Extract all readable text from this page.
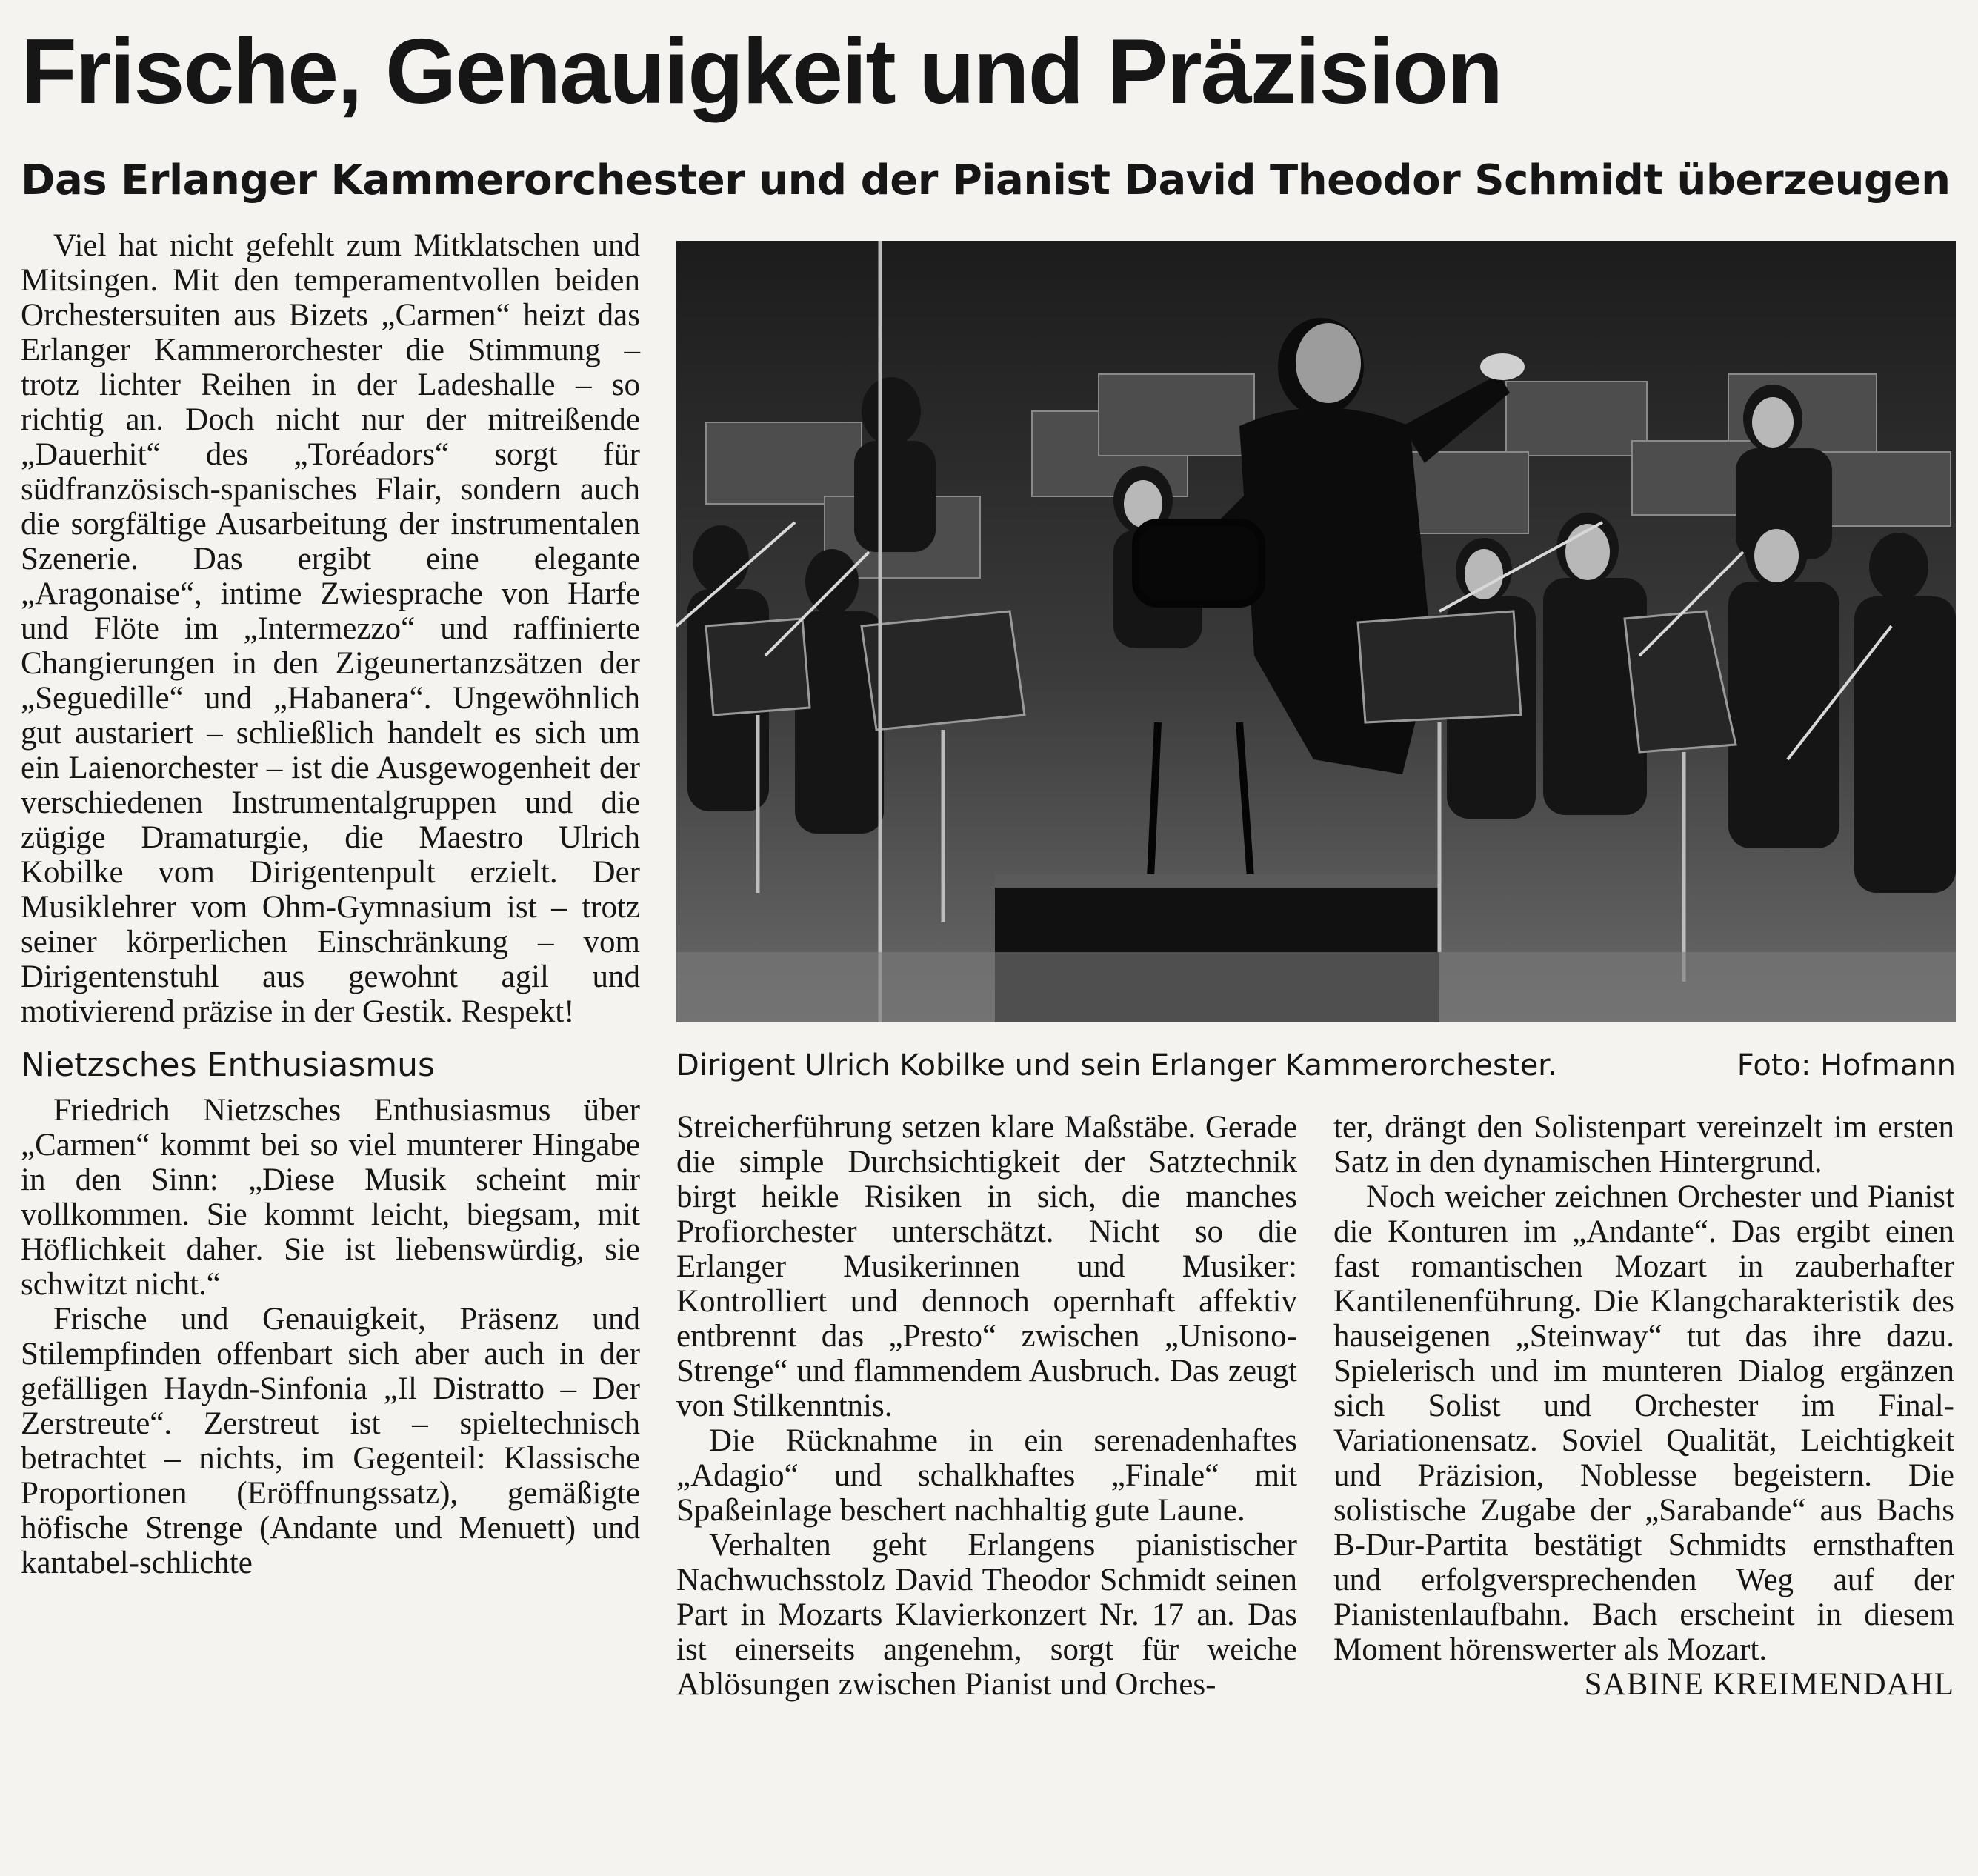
Frische, Genauigkeit und Präzision
Das Erlanger Kammerorchester und der Pianist David Theodor Schmidt überzeugen

Viel hat nicht gefehlt zum Mitklatschen und Mitsingen. Mit den temperamentvollen beiden Orchestersuiten aus Bizets „Carmen“ heizt das Erlanger Kammerorchester die Stimmung – trotz lichter Reihen in der Ladeshalle – so richtig an. Doch nicht nur der mitreißende „Dauerhit“ des „Toréadors“ sorgt für südfranzösisch-spanisches Flair, sondern auch die sorgfältige Ausarbeitung der instrumentalen Szenerie. Das ergibt eine elegante „Aragonaise“, intime Zwiesprache von Harfe und Flöte im „Intermezzo“ und raffinierte Changierungen in den Zigeunertanzsätzen der „Seguedille“ und „Habanera“. Ungewöhnlich gut austariert – schließlich handelt es sich um ein Laienorchester – ist die Ausgewogenheit der verschiedenen Instrumentalgruppen und die zügige Dramaturgie, die Maestro Ulrich Kobilke vom Dirigentenpult erzielt. Der Musiklehrer vom Ohm-Gymnasium ist – trotz seiner körperlichen Einschränkung – vom Dirigentenstuhl aus gewohnt agil und motivierend präzise in der Gestik. Respekt!

Nietzsches Enthusiasmus

Friedrich Nietzsches Enthusiasmus über „Carmen“ kommt bei so viel munterer Hingabe in den Sinn: „Diese Musik scheint mir vollkommen. Sie kommt leicht, biegsam, mit Höflichkeit daher. Sie ist liebenswürdig, sie schwitzt nicht.“

Frische und Genauigkeit, Präsenz und Stilempfinden offenbart sich aber auch in der gefälligen Haydn-Sinfonia „Il Distratto – Der Zerstreute“. Zerstreut ist – spieltechnisch betrachtet – nichts, im Gegenteil: Klassische Proportionen (Eröffnungssatz), gemäßigte höfische Strenge (Andante und Menuett) und kantabel-schlichte

Dirigent Ulrich Kobilke und sein Erlanger Kammerorchester.	Foto: Hofmann

Streicherführung setzen klare Maßstäbe. Gerade die simple Durchsichtigkeit der Satztechnik birgt heikle Risiken in sich, die manches Profiorchester unterschätzt. Nicht so die Erlanger Musikerinnen und Musiker: Kontrolliert und dennoch opernhaft affektiv entbrennt das „Presto“ zwischen „Unisono-Strenge“ und flammendem Ausbruch. Das zeugt von Stilkenntnis.

Die Rücknahme in ein serenadenhaftes „Adagio“ und schalkhaftes „Finale“ mit Spaßeinlage beschert nachhaltig gute Laune.

Verhalten geht Erlangens pianistischer Nachwuchsstolz David Theodor Schmidt seinen Part in Mozarts Klavierkonzert Nr. 17 an. Das ist einerseits angenehm, sorgt für weiche Ablösungen zwischen Pianist und Orches-

ter, drängt den Solistenpart vereinzelt im ersten Satz in den dynamischen Hintergrund.

Noch weicher zeichnen Orchester und Pianist die Konturen im „Andante“. Das ergibt einen fast romantischen Mozart in zauberhafter Kantilenenführung. Die Klangcharakteristik des hauseigenen „Steinway“ tut das ihre dazu. Spielerisch und im munteren Dialog ergänzen sich Solist und Orchester im Final-Variationensatz. Soviel Qualität, Leichtigkeit und Präzision, Noblesse begeistern. Die solistische Zugabe der „Sarabande“ aus Bachs B-Dur-Partita bestätigt Schmidts ernsthaften und erfolgversprechenden Weg auf der Pianistenlaufbahn. Bach erscheint in diesem Moment hörenswerter als Mozart.

SABINE KREIMENDAHL
